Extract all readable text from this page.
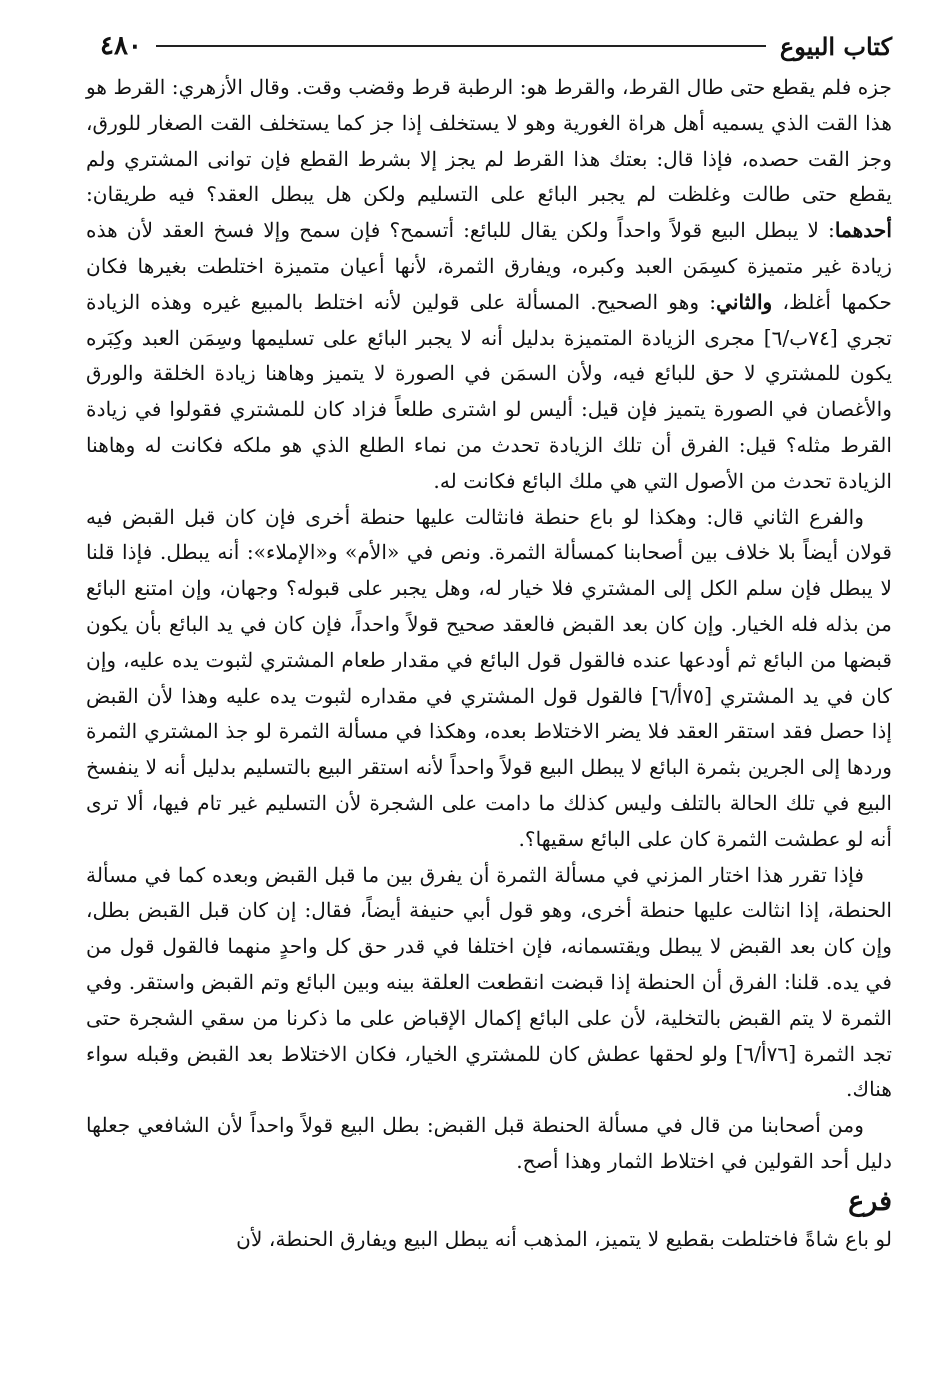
كتاب البيوع
٤٨٠

جزه فلم يقطع حتى طال القرط، والقرط هو: الرطبة قرط وقضب وقت. وقال الأزهري: القرط هو هذا القت الذي يسميه أهل هراة الغورية وهو لا يستخلف إذا جز كما يستخلف القت الصغار للورق، وجز القت حصده، فإذا قال: بعتك هذا القرط لم يجز إلا بشرط القطع فإن توانى المشتري ولم يقطع حتى طالت وغلظت لم يجبر البائع على التسليم ولكن هل يبطل العقد؟ فيه طريقان: أحدهما: لا يبطل البيع قولاً واحداً ولكن يقال للبائع: أتسمح؟ فإن سمح وإلا فسخ العقد لأن هذه زيادة غير متميزة كسِمَن العبد وكبره، ويفارق الثمرة، لأنها أعيان متميزة اختلطت بغيرها فكان حكمها أغلظ، والثاني: وهو الصحيح. المسألة على قولين لأنه اختلط بالمبيع غيره وهذه الزيادة تجري [٧٤ب/٦] مجرى الزيادة المتميزة بدليل أنه لا يجبر البائع على تسليمها وسِمَن العبد وكِبَره يكون للمشتري لا حق للبائع فيه، ولأن السمَن في الصورة لا يتميز وهاهنا زيادة الخلقة والورق والأغصان في الصورة يتميز فإن قيل: أليس لو اشترى طلعاً فزاد كان للمشتري فقولوا في زيادة القرط مثله؟ قيل: الفرق أن تلك الزيادة تحدث من نماء الطلع الذي هو ملكه فكانت له وهاهنا الزيادة تحدث من الأصول التي هي ملك البائع فكانت له.

والفرع الثاني قال: وهكذا لو باع حنطة فانثالت عليها حنطة أخرى فإن كان قبل القبض فيه قولان أيضاً بلا خلاف بين أصحابنا كمسألة الثمرة. ونص في «الأم» و«الإملاء»: أنه يبطل. فإذا قلنا لا يبطل فإن سلم الكل إلى المشتري فلا خيار له، وهل يجبر على قبوله؟ وجهان، وإن امتنع البائع من بذله فله الخيار. وإن كان بعد القبض فالعقد صحيح قولاً واحداً، فإن كان في يد البائع بأن يكون قبضها من البائع ثم أودعها عنده فالقول قول البائع في مقدار طعام المشتري لثبوت يده عليه، وإن كان في يد المشتري [٧٥أ/٦] فالقول قول المشتري في مقداره لثبوت يده عليه وهذا لأن القبض إذا حصل فقد استقر العقد فلا يضر الاختلاط بعده، وهكذا في مسألة الثمرة لو جذ المشتري الثمرة وردها إلى الجرين بثمرة البائع لا يبطل البيع قولاً واحداً لأنه استقر البيع بالتسليم بدليل أنه لا ينفسخ البيع في تلك الحالة بالتلف وليس كذلك ما دامت على الشجرة لأن التسليم غير تام فيها، ألا ترى أنه لو عطشت الثمرة كان على البائع سقيها؟.

فإذا تقرر هذا اختار المزني في مسألة الثمرة أن يفرق بين ما قبل القبض وبعده كما في مسألة الحنطة، إذا انثالت عليها حنطة أخرى، وهو قول أبي حنيفة أيضاً، فقال: إن كان قبل القبض بطل، وإن كان بعد القبض لا يبطل ويقتسمانه، فإن اختلفا في قدر حق كل واحدٍ منهما فالقول قول من في يده. قلنا: الفرق أن الحنطة إذا قبضت انقطعت العلقة بينه وبين البائع وتم القبض واستقر. وفي الثمرة لا يتم القبض بالتخلية، لأن على البائع إكمال الإقباض على ما ذكرنا من سقي الشجرة حتى تجد الثمرة [٧٦أ/٦] ولو لحقها عطش كان للمشتري الخيار، فكان الاختلاط بعد القبض وقبله سواء هناك.

ومن أصحابنا من قال في مسألة الحنطة قبل القبض: بطل البيع قولاً واحداً لأن الشافعي جعلها دليل أحد القولين في اختلاط الثمار وهذا أصح.

فرع

لو باع شاةً فاختلطت بقطيع لا يتميز، المذهب أنه يبطل البيع ويفارق الحنطة، لأن
